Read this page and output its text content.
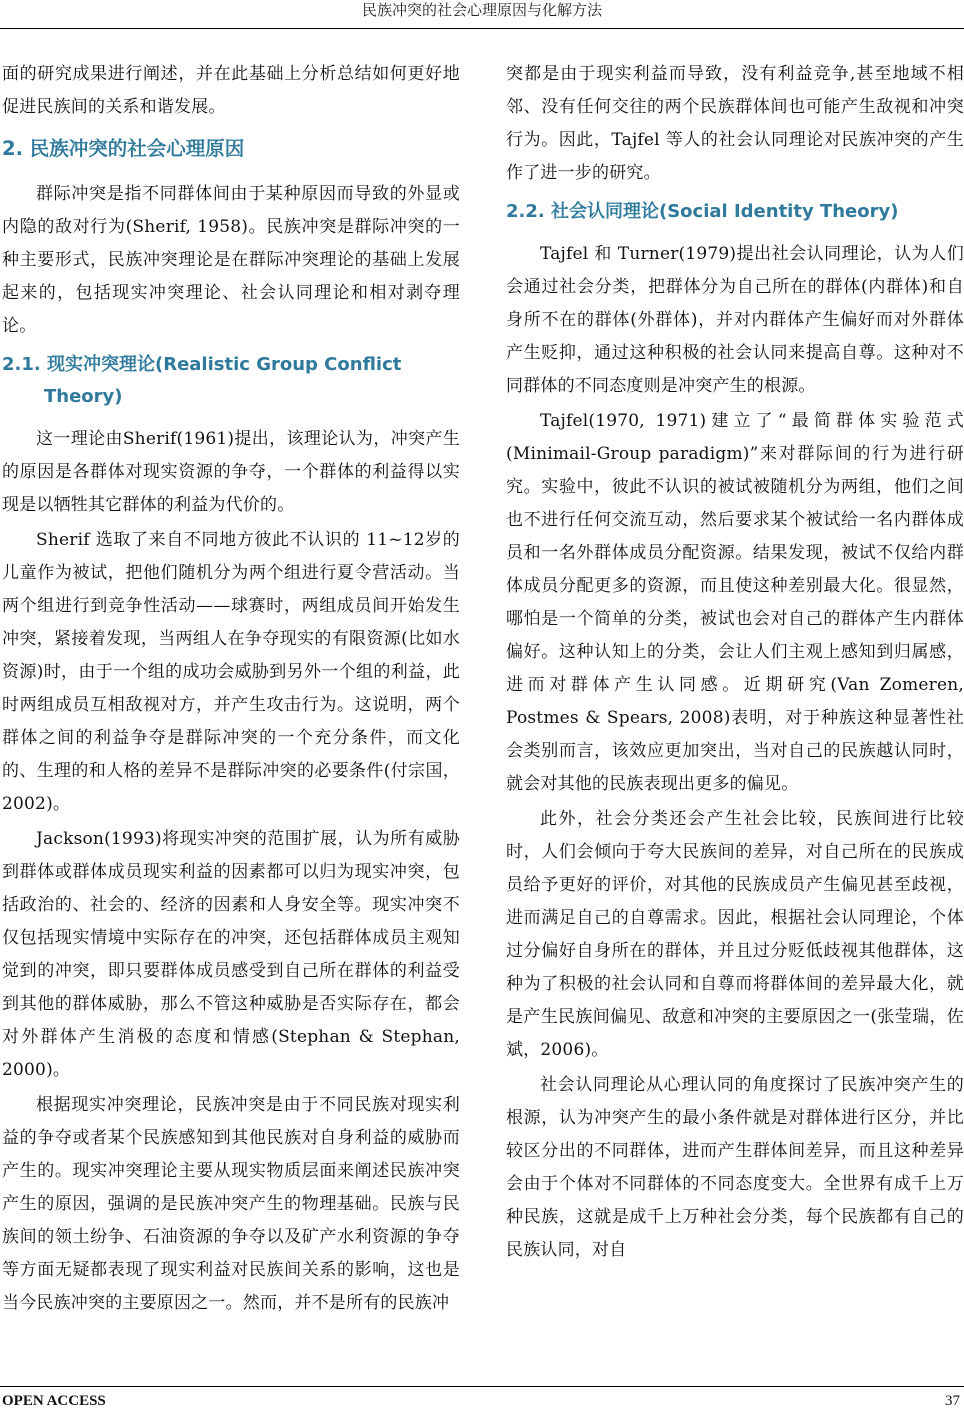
民族冲突的社会心理原因与化解方法

面的研究成果进行阐述，并在此基础上分析总结如何更好地促进民族间的关系和谐发展。

2. 民族冲突的社会心理原因

群际冲突是指不同群体间由于某种原因而导致的外显或内隐的敌对行为(Sherif, 1958)。民族冲突是群际冲突的一种主要形式，民族冲突理论是在群际冲突理论的基础上发展起来的，包括现实冲突理论、社会认同理论和相对剥夺理论。

2.1. 现实冲突理论(Realistic Group Conflict Theory)

这一理论由Sherif(1961)提出，该理论认为，冲突产生的原因是各群体对现实资源的争夺，一个群体的利益得以实现是以牺牲其它群体的利益为代价的。

Sherif 选取了来自不同地方彼此不认识的 11~12岁的儿童作为被试，把他们随机分为两个组进行夏令营活动。当两个组进行到竞争性活动——球赛时，两组成员间开始发生冲突，紧接着发现，当两组人在争夺现实的有限资源(比如水资源)时，由于一个组的成功会威胁到另外一个组的利益，此时两组成员互相敌视对方，并产生攻击行为。这说明，两个群体之间的利益争夺是群际冲突的一个充分条件，而文化的、生理的和人格的差异不是群际冲突的必要条件(付宗国，2002)。

Jackson(1993)将现实冲突的范围扩展，认为所有威胁到群体或群体成员现实利益的因素都可以归为现实冲突，包括政治的、社会的、经济的因素和人身安全等。现实冲突不仅包括现实情境中实际存在的冲突，还包括群体成员主观知觉到的冲突，即只要群体成员感受到自己所在群体的利益受到其他的群体威胁，那么不管这种威胁是否实际存在，都会对外群体产生消极的态度和情感(Stephan & Stephan, 2000)。

根据现实冲突理论，民族冲突是由于不同民族对现实利益的争夺或者某个民族感知到其他民族对自身利益的威胁而产生的。现实冲突理论主要从现实物质层面来阐述民族冲突产生的原因，强调的是民族冲突产生的物理基础。民族与民族间的领土纷争、石油资源的争夺以及矿产水利资源的争夺等方面无疑都表现了现实利益对民族间关系的影响，这也是当今民族冲突的主要原因之一。然而，并不是所有的民族冲

突都是由于现实利益而导致，没有利益竞争,甚至地域不相邻、没有任何交往的两个民族群体间也可能产生敌视和冲突行为。因此，Tajfel 等人的社会认同理论对民族冲突的产生作了进一步的研究。

2.2. 社会认同理论(Social Identity Theory)

Tajfel 和 Turner(1979)提出社会认同理论，认为人们会通过社会分类，把群体分为自己所在的群体(内群体)和自身所不在的群体(外群体)，并对内群体产生偏好而对外群体产生贬抑，通过这种积极的社会认同来提高自尊。这种对不同群体的不同态度则是冲突产生的根源。

Tajfel(1970, 1971)建立了“最简群体实验范式(Minimail-Group paradigm)”来对群际间的行为进行研究。实验中，彼此不认识的被试被随机分为两组，他们之间也不进行任何交流互动，然后要求某个被试给一名内群体成员和一名外群体成员分配资源。结果发现，被试不仅给内群体成员分配更多的资源，而且使这种差别最大化。很显然，哪怕是一个简单的分类，被试也会对自己的群体产生内群体偏好。这种认知上的分类，会让人们主观上感知到归属感，进而对群体产生认同感。近期研究(Van Zomeren, Postmes & Spears, 2008)表明，对于种族这种显著性社会类别而言，该效应更加突出，当对自己的民族越认同时，就会对其他的民族表现出更多的偏见。

此外，社会分类还会产生社会比较，民族间进行比较时，人们会倾向于夸大民族间的差异，对自己所在的民族成员给予更好的评价，对其他的民族成员产生偏见甚至歧视，进而满足自己的自尊需求。因此，根据社会认同理论，个体过分偏好自身所在的群体，并且过分贬低歧视其他群体，这种为了积极的社会认同和自尊而将群体间的差异最大化，就是产生民族间偏见、敌意和冲突的主要原因之一(张莹瑞，佐斌，2006)。

社会认同理论从心理认同的角度探讨了民族冲突产生的根源，认为冲突产生的最小条件就是对群体进行区分，并比较区分出的不同群体，进而产生群体间差异，而且这种差异会由于个体对不同群体的不同态度变大。全世界有成千上万种民族，这就是成千上万种社会分类，每个民族都有自己的民族认同，对自

OPEN ACCESS	37
